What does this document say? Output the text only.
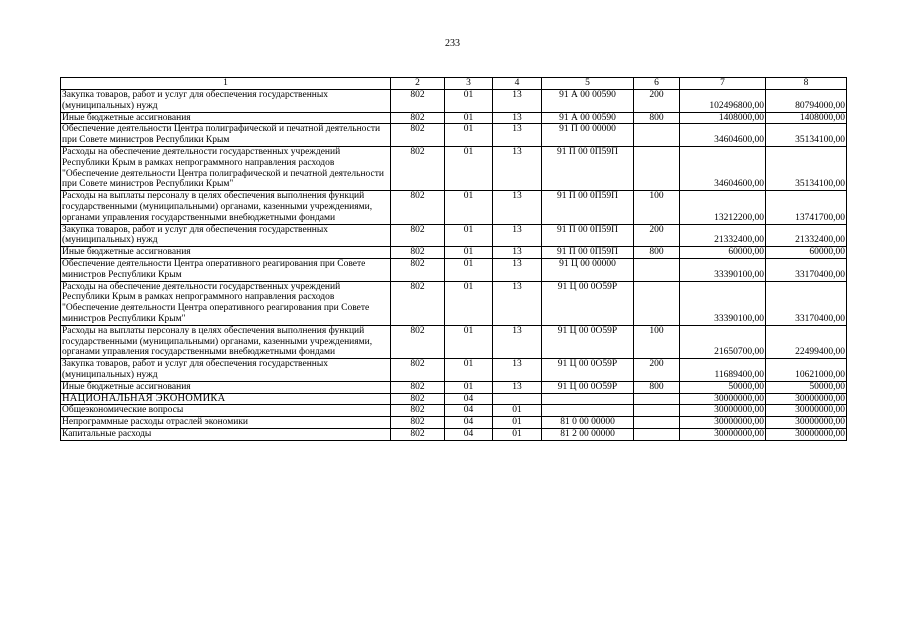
233
1	2	3	4	5	6	7	8
Закупка товаров, работ и услуг для обеспечения государственных (муниципальных) нужд	802	01	13	91 А 00 00590	200	102496800,00	80794000,00
Иные бюджетные ассигнования	802	01	13	91 А 00 00590	800	1408000,00	1408000,00
Обеспечение деятельности Центра полиграфической и печатной деятельности при Совете министров Республики Крым	802	01	13	91 П 00 00000		34604600,00	35134100,00
Расходы на обеспечение деятельности государственных учреждений Республики Крым в рамках непрограммного направления расходов "Обеспечение деятельности Центра полиграфической и печатной деятельности при Совете министров Республики Крым"	802	01	13	91 П 00 0П59П		34604600,00	35134100,00
Расходы на выплаты персоналу в целях обеспечения выполнения функций государственными (муниципальными) органами, казенными учреждениями, органами управления государственными внебюджетными фондами	802	01	13	91 П 00 0П59П	100	13212200,00	13741700,00
Закупка товаров, работ и услуг для обеспечения государственных (муниципальных) нужд	802	01	13	91 П 00 0П59П	200	21332400,00	21332400,00
Иные бюджетные ассигнования	802	01	13	91 П 00 0П59П	800	60000,00	60000,00
Обеспечение деятельности Центра оперативного реагирования при Совете министров Республики Крым	802	01	13	91 Ц 00 00000		33390100,00	33170400,00
Расходы на обеспечение деятельности государственных учреждений Республики Крым в рамках непрограммного направления расходов "Обеспечение деятельности Центра оперативного реагирования при Совете министров Республики Крым"	802	01	13	91 Ц 00 0О59Р		33390100,00	33170400,00
Расходы на выплаты персоналу в целях обеспечения выполнения функций государственными (муниципальными) органами, казенными учреждениями, органами управления государственными внебюджетными фондами	802	01	13	91 Ц 00 0О59Р	100	21650700,00	22499400,00
Закупка товаров, работ и услуг для обеспечения государственных (муниципальных) нужд	802	01	13	91 Ц 00 0О59Р	200	11689400,00	10621000,00
Иные бюджетные ассигнования	802	01	13	91 Ц 00 0О59Р	800	50000,00	50000,00
НАЦИОНАЛЬНАЯ ЭКОНОМИКА	802	04				30000000,00	30000000,00
Общеэкономические вопросы	802	04	01			30000000,00	30000000,00
Непрограммные расходы отраслей экономики	802	04	01	81 0 00 00000		30000000,00	30000000,00
Капитальные расходы	802	04	01	81 2 00 00000		30000000,00	30000000,00
